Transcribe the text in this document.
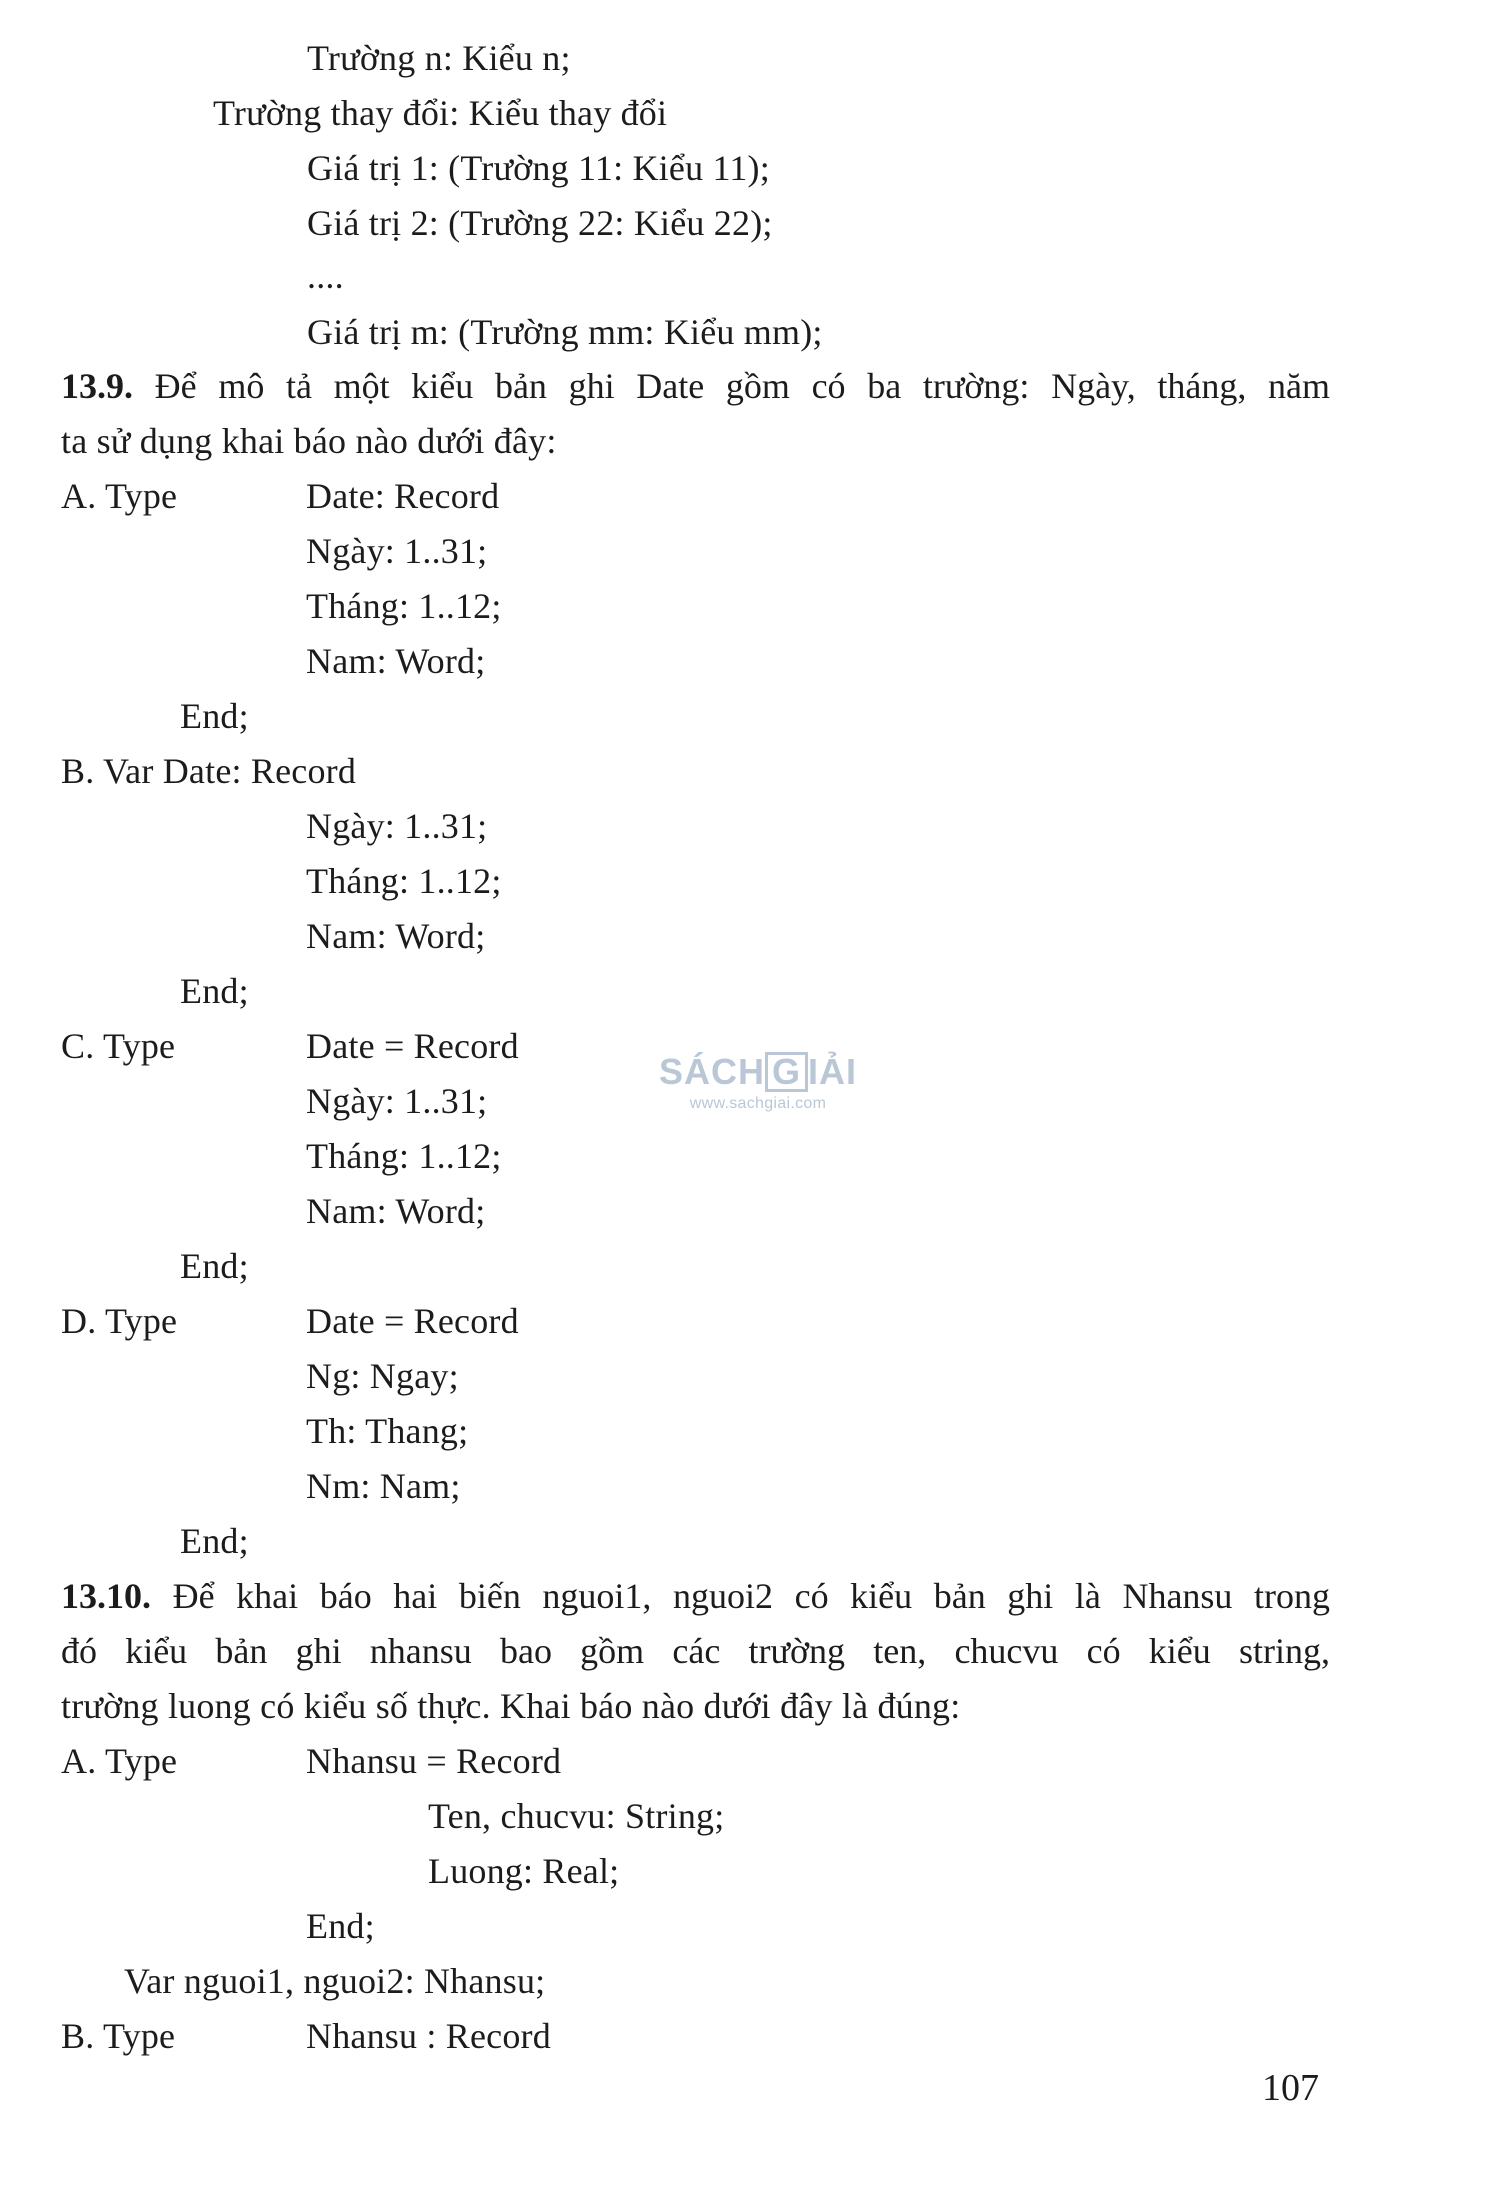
Trường n: Kiểu n;
Trường thay đổi: Kiểu thay đổi
Giá trị 1: (Trường 11: Kiểu 11);
Giá trị 2: (Trường 22: Kiểu 22);
....
Giá trị m: (Trường mm: Kiểu mm);
13.9. Để mô tả một kiểu bản ghi Date gồm có ba trường: Ngày, tháng, năm
ta sử dụng khai báo nào dưới đây:
A. Type	Date: Record
Ngày: 1..31;
Tháng: 1..12;
Nam: Word;
End;
B. Var Date: Record
Ngày: 1..31;
Tháng: 1..12;
Nam: Word;
End;
C. Type	Date = Record
Ngày: 1..31;
Tháng: 1..12;
Nam: Word;
End;
D. Type	Date = Record
Ng: Ngay;
Th: Thang;
Nm: Nam;
End;
13.10. Để khai báo hai biến nguoi1, nguoi2 có kiểu bản ghi là Nhansu trong
đó kiểu bản ghi nhansu bao gồm các trường ten, chucvu có kiểu string,
trường luong có kiểu số thực. Khai báo nào dưới đây là đúng:
A. Type	Nhansu = Record
Ten, chucvu: String;
Luong: Real;
End;
Var nguoi1, nguoi2: Nhansu;
B. Type	Nhansu : Record
SÁCH G IẢI
www.sachgiai.com
107
